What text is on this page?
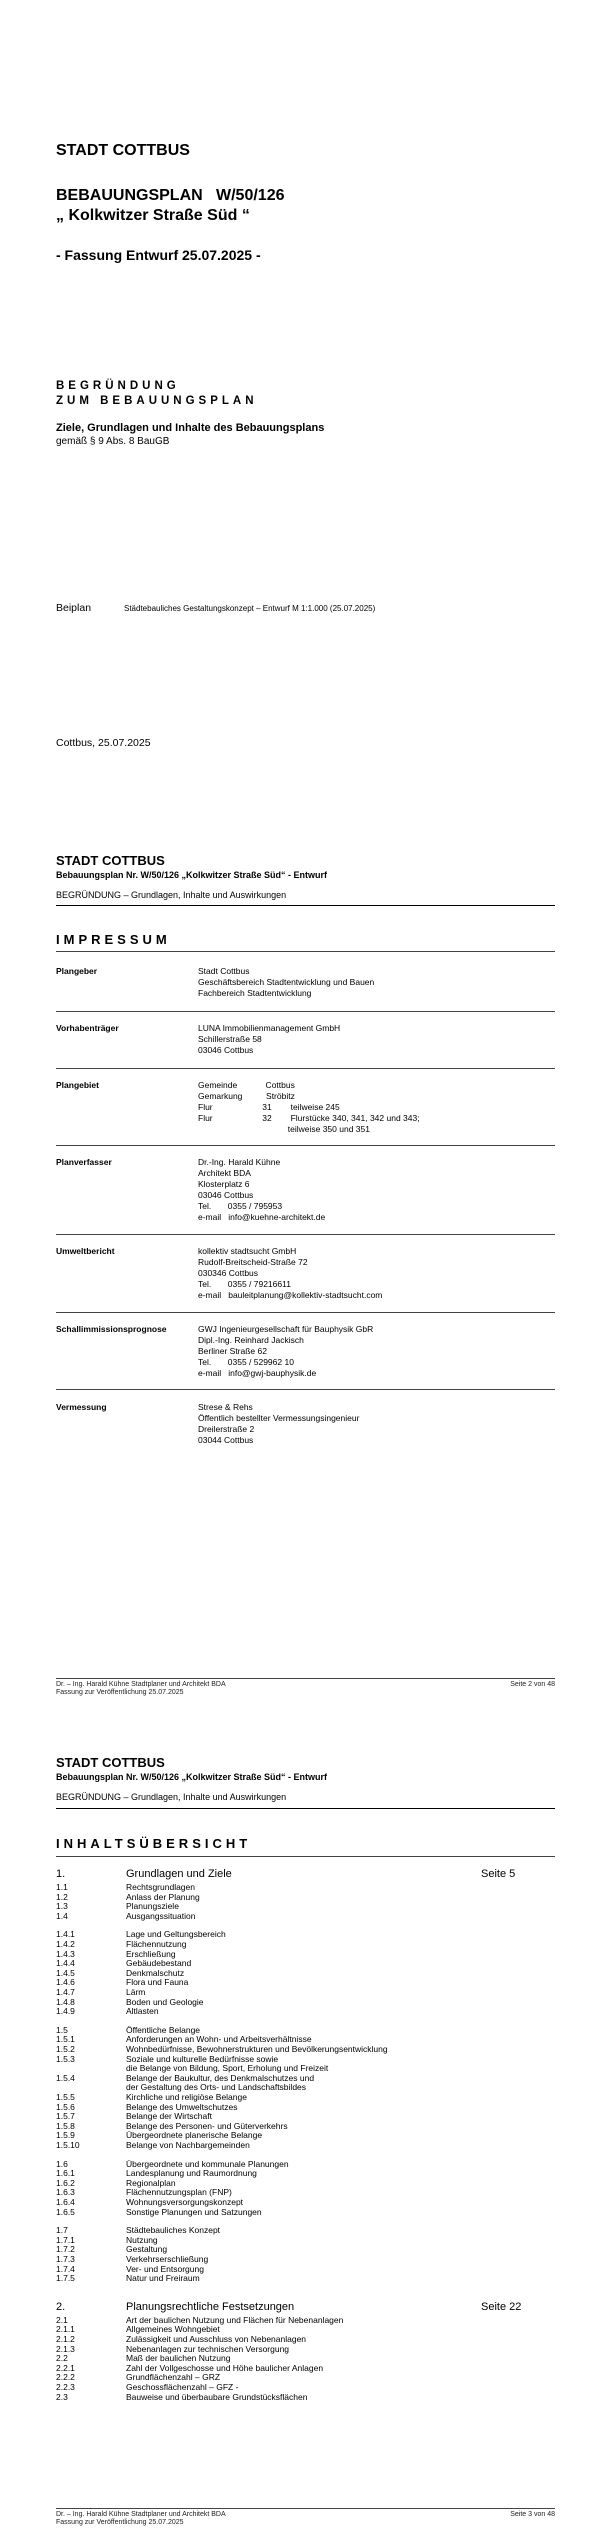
STADT COTTBUS
BEBAUUNGSPLAN   W/50/126
„ Kolkwitzer Straße Süd “
- Fassung Entwurf 25.07.2025 -
BEGRÜNDUNG
ZUM BEBAUUNGSPLAN
Ziele, Grundlagen und Inhalte des Bebauungsplans
gemäß § 9 Abs. 8 BauGB
Beiplan	Städtebauliches Gestaltungskonzept – Entwurf M 1:1.000 (25.07.2025)
Cottbus, 25.07.2025
STADT COTTBUS
Bebauungsplan Nr. W/50/126 „Kolkwitzer Straße Süd“ - Entwurf
BEGRÜNDUNG – Grundlagen, Inhalte und Auswirkungen
IMPRESSUM
Plangeber	Stadt Cottbus
Geschäftsbereich Stadtentwicklung und Bauen
Fachbereich Stadtentwicklung
Vorhabenträger	LUNA Immobilienmanagement GmbH
Schillerstraße 58
03046 Cottbus
Plangebiet	Gemeinde            Cottbus
Gemarkung          Ströbitz
Flur                     31        teilweise 245
Flur                     32        Flurstücke 340, 341, 342 und 343;
teilweise 350 und 351
Planverfasser	Dr.-Ing. Harald Kühne
Architekt BDA
Klosterplatz 6
03046 Cottbus
Tel.       0355 / 795953
e-mail   info@kuehne-architekt.de
Umweltbericht	kollektiv stadtsucht GmbH
Rudolf-Breitscheid-Straße 72
030346 Cottbus
Tel.       0355 / 79216611
e-mail   bauleitplanung@kollektiv-stadtsucht.com
Schallimmissionsprognose	GWJ Ingenieurgesellschaft für Bauphysik GbR
Dipl.-Ing. Reinhard Jackisch
Berliner Straße 62
Tel.       0355 / 529962 10
e-mail   info@gwj-bauphysik.de
Vermessung	Strese & Rehs
Öffentlich bestellter Vermessungsingenieur
Dreilerstraße 2
03044 Cottbus
Dr. – Ing. Harald Kühne Stadtplaner und Architekt BDA
Fassung zur Veröffentlichung 25.07.2025
Seite 2 von 48
STADT COTTBUS
Bebauungsplan Nr. W/50/126 „Kolkwitzer Straße Süd“ - Entwurf
BEGRÜNDUNG – Grundlagen, Inhalte und Auswirkungen
INHALTSÜBERSICHT
1.	Grundlagen und Ziele	Seite 5
1.1	Rechtsgrundlagen
1.2	Anlass der Planung
1.3	Planungsziele
1.4	Ausgangssituation
1.4.1	Lage und Geltungsbereich
1.4.2	Flächennutzung
1.4.3	Erschließung
1.4.4	Gebäudebestand
1.4.5	Denkmalschutz
1.4.6	Flora und Fauna
1.4.7	Lärm
1.4.8	Boden und Geologie
1.4.9	Altlasten
1.5	Öffentliche Belange
1.5.1	Anforderungen an Wohn- und Arbeitsverhältnisse
1.5.2	Wohnbedürfnisse, Bewohnerstrukturen und Bevölkerungsentwicklung
1.5.3	Soziale und kulturelle Bedürfnisse sowie
die Belange von Bildung, Sport, Erholung und Freizeit
1.5.4	Belange der Baukultur, des Denkmalschutzes und
der Gestaltung des Orts- und Landschaftsbildes
1.5.5	Kirchliche und religiöse Belange
1.5.6	Belange des Umweltschutzes
1.5.7	Belange der Wirtschaft
1.5.8	Belange des Personen- und Güterverkehrs
1.5.9	Übergeordnete planerische Belange
1.5.10	Belange von Nachbargemeinden
1.6	Übergeordnete und kommunale Planungen
1.6.1	Landesplanung und Raumordnung
1.6.2	Regionalplan
1.6.3	Flächennutzungsplan (FNP)
1.6.4	Wohnungsversorgungskonzept
1.6.5	Sonstige Planungen und Satzungen
1.7	Städtebauliches Konzept
1.7.1	Nutzung
1.7.2	Gestaltung
1.7.3	Verkehrserschließung
1.7.4	Ver- und Entsorgung
1.7.5	Natur und Freiraum
2.	Planungsrechtliche Festsetzungen	Seite 22
2.1	Art der baulichen Nutzung und Flächen für Nebenanlagen
2.1.1	Allgemeines Wohngebiet
2.1.2	Zulässigkeit und Ausschluss von Nebenanlagen
2.1.3	Nebenanlagen zur technischen Versorgung
2.2	Maß der baulichen Nutzung
2.2.1	Zahl der Vollgeschosse und Höhe baulicher Anlagen
2.2.2	Grundflächenzahl – GRZ
2.2.3	Geschossflächenzahl – GFZ -
2.3	Bauweise und überbaubare Grundstücksflächen
Dr. – Ing. Harald Kühne Stadtplaner und Architekt BDA
Fassung zur Veröffentlichung 25.07.2025
Seite 3 von 48
